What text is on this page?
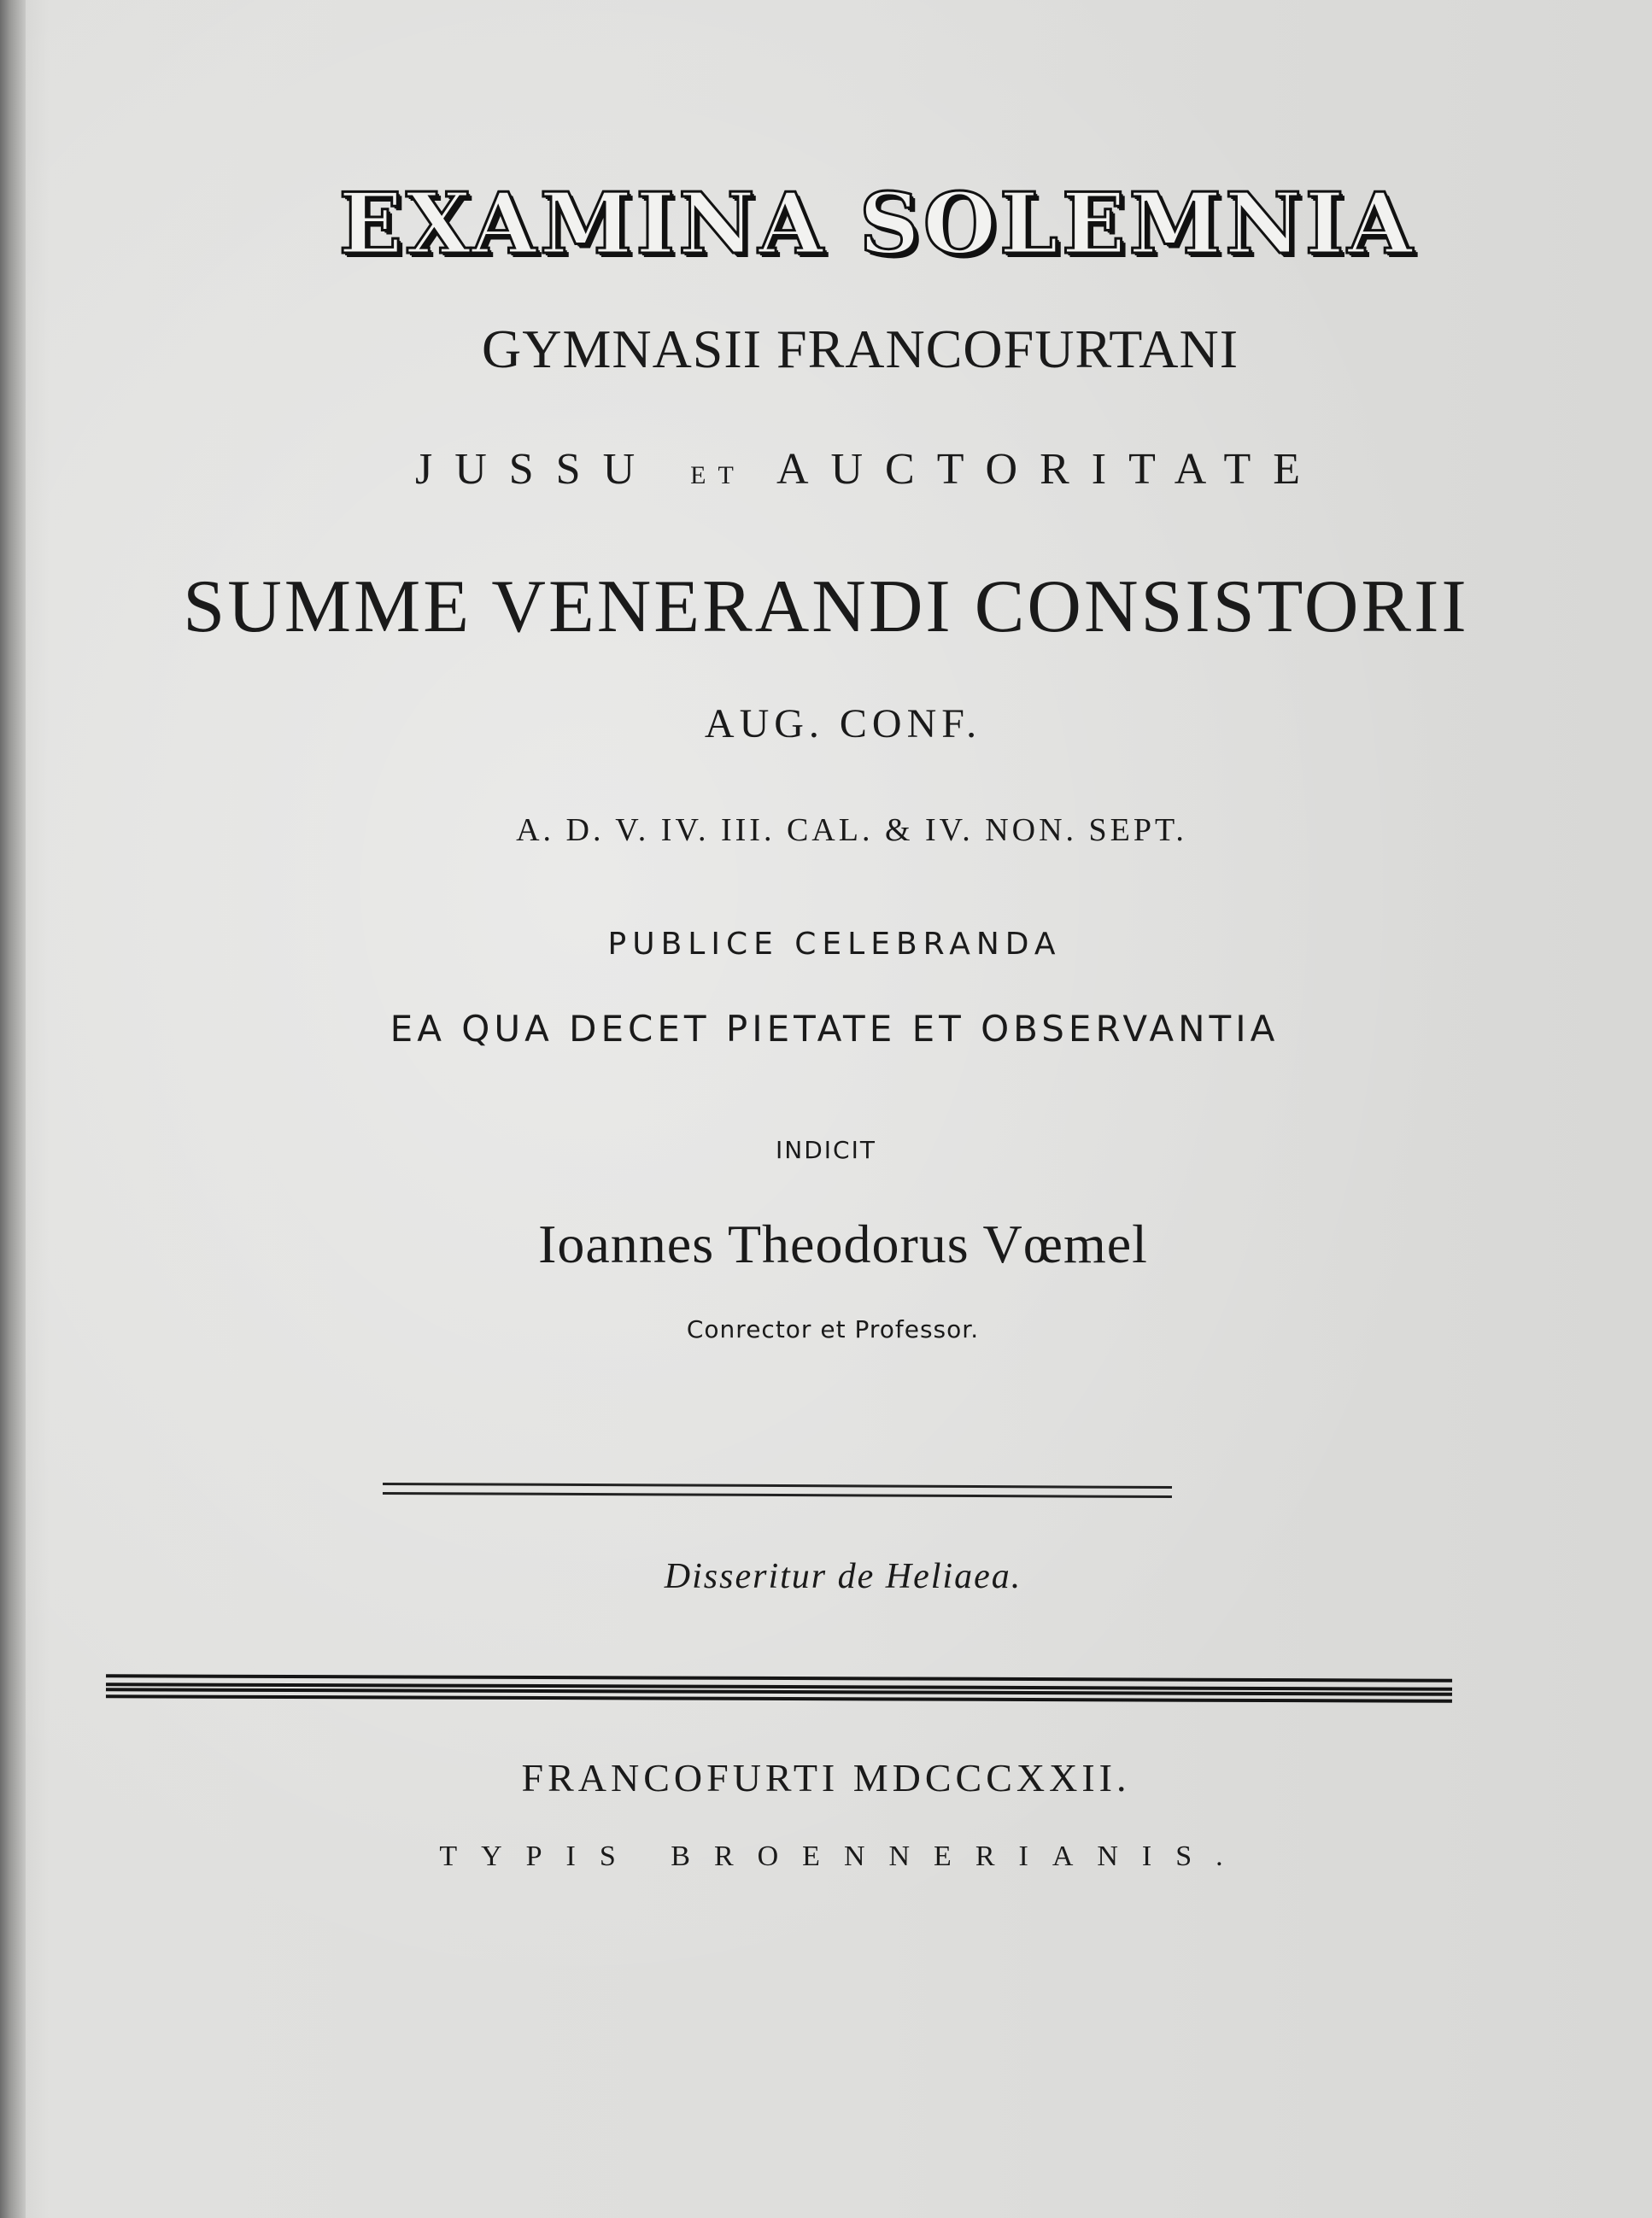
EXAMINA SOLEMNIA
GYMNASII FRANCOFURTANI
JUSSU ET AUCTORITATE
SUMME VENERANDI CONSISTORII
AUG. CONF.
A. D. V. IV. III. CAL. & IV. NON. SEPT.
PUBLICE CELEBRANDA
EA QUA DECET PIETATE ET OBSERVANTIA
INDICIT
Ioannes Theodorus Vœmel
Conrector et Professor.
Disseritur de Heliaea.
FRANCOFURTI MDCCCXXII.
TYPIS BROENNERIANIS.
